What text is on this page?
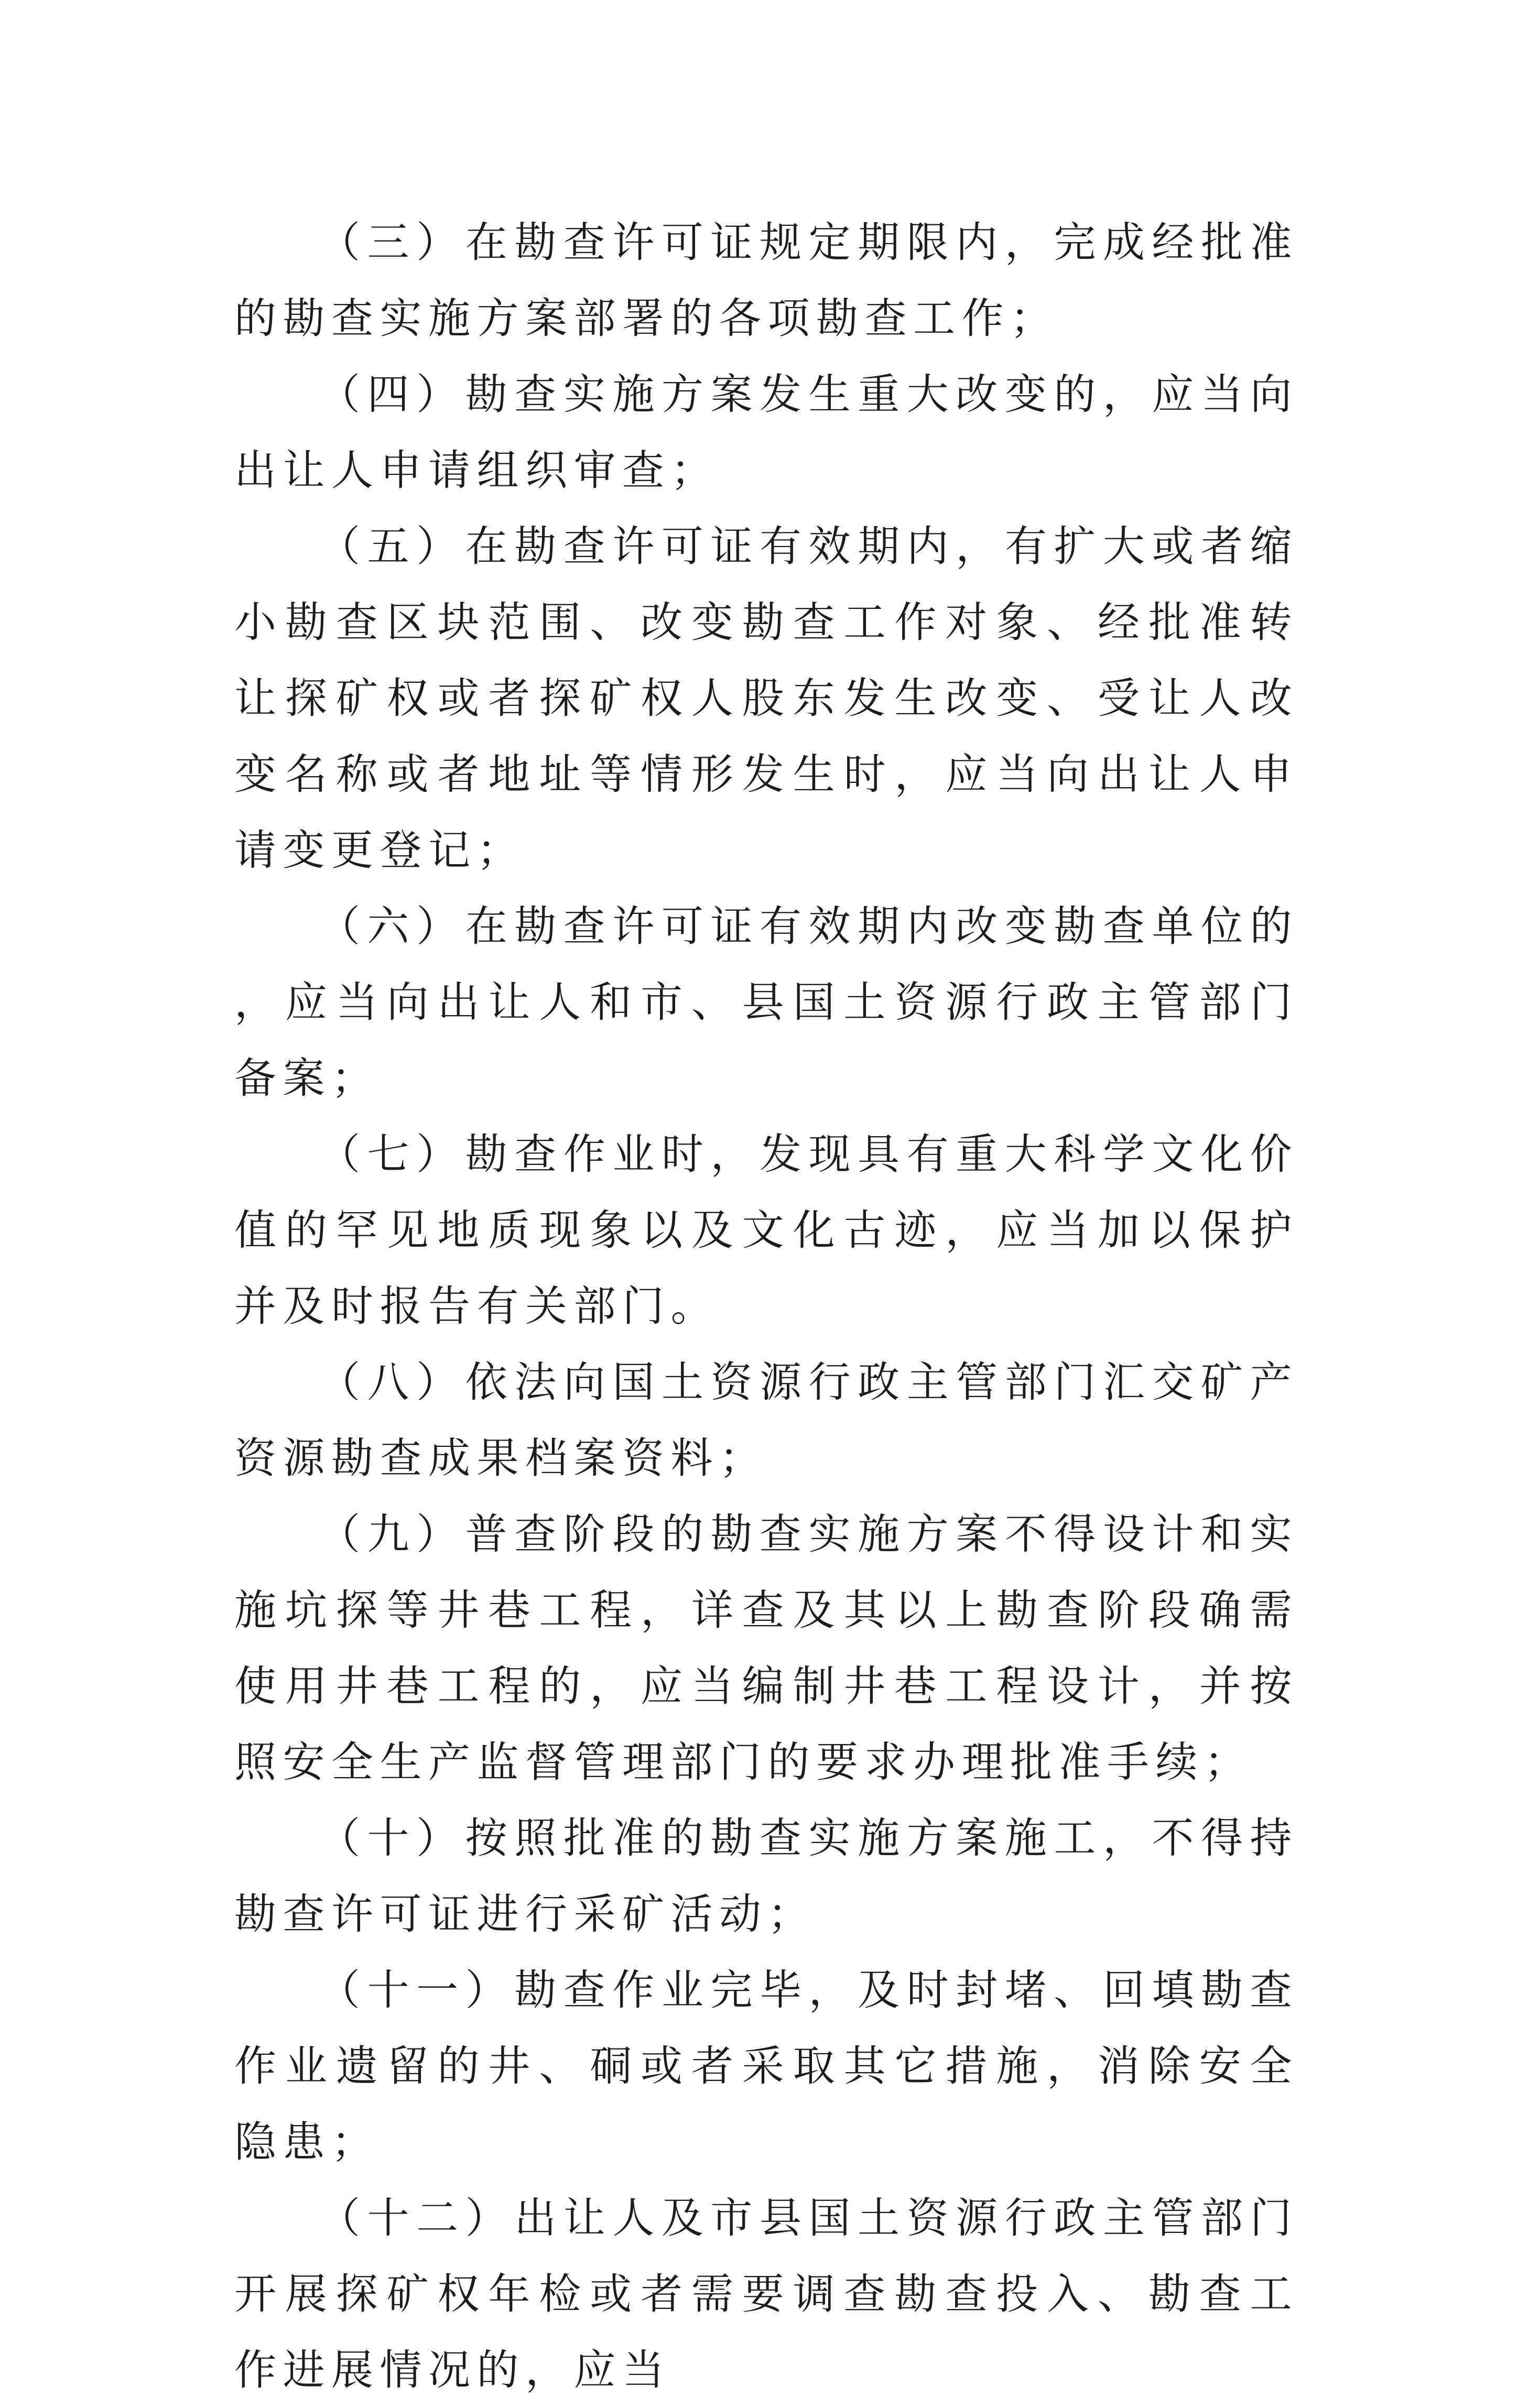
（三）在勘查许可证规定期限内，完成经批准的勘查实施方案部署的各项勘查工作；

（四）勘查实施方案发生重大改变的，应当向出让人申请组织审查；

（五）在勘查许可证有效期内，有扩大或者缩小勘查区块范围、改变勘查工作对象、经批准转让探矿权或者探矿权人股东发生改变、受让人改变名称或者地址等情形发生时，应当向出让人申请变更登记；

（六）在勘查许可证有效期内改变勘查单位的，应当向出让人和市、县国土资源行政主管部门备案；

（七）勘查作业时，发现具有重大科学文化价值的罕见地质现象以及文化古迹，应当加以保护并及时报告有关部门。

（八）依法向国土资源行政主管部门汇交矿产资源勘查成果档案资料；

（九）普查阶段的勘查实施方案不得设计和实施坑探等井巷工程，详查及其以上勘查阶段确需使用井巷工程的，应当编制井巷工程设计，并按照安全生产监督管理部门的要求办理批准手续；

（十）按照批准的勘查实施方案施工，不得持勘查许可证进行采矿活动；

（十一）勘查作业完毕，及时封堵、回填勘查作业遗留的井、硐或者采取其它措施，消除安全隐患；

（十二）出让人及市县国土资源行政主管部门开展探矿权年检或者需要调查勘查投入、勘查工作进展情况的，应当
